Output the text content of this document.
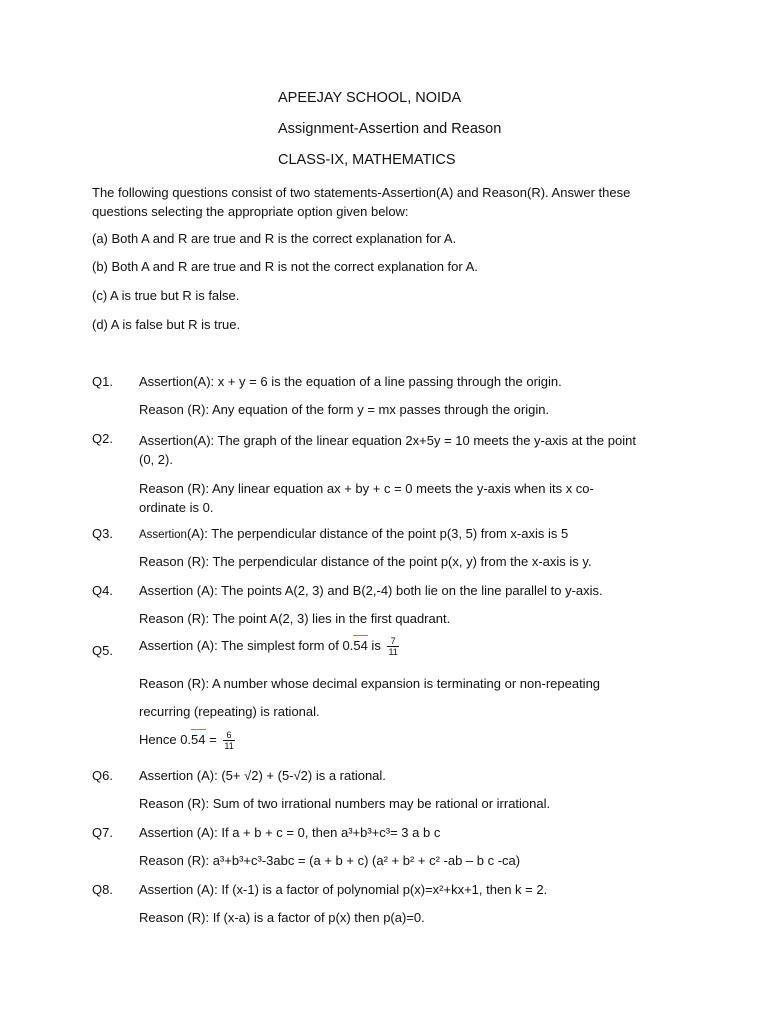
APEEJAY SCHOOL, NOIDA
Assignment-Assertion and Reason
CLASS-IX, MATHEMATICS
The following questions consist of two statements-Assertion(A) and Reason(R). Answer these questions selecting the appropriate option given below:
(a) Both A and R are true and R is the correct explanation for A.
(b) Both A and R are true and R is not the correct explanation for A.
(c) A is true but R is false.
(d) A is false but R is true.
Q1. Assertion(A): x + y = 6 is the equation of a line passing through the origin.
Reason (R): Any equation of the form y = mx passes through the origin.
Q2. Assertion(A): The graph of the linear equation 2x+5y = 10 meets the y-axis at the point (0, 2).
Reason (R): Any linear equation ax + by + c = 0 meets the y-axis when its x co-ordinate is 0.
Q3. Assertion(A): The perpendicular distance of the point p(3, 5) from x-axis is 5
Reason (R): The perpendicular distance of the point p(x, y) from the x-axis is y.
Q4. Assertion (A): The points A(2, 3) and B(2,-4) both lie on the line parallel to y-axis.
Reason (R): The point A(2, 3) lies in the first quadrant.
Q5. Assertion (A): The simplest form of 0.54 is $\frac{7}{11}$
Reason (R): A number whose decimal expansion is terminating or non-repeating
recurring (repeating) is rational.
Hence $0.54 = \frac{6}{11}$
Q6. Assertion (A): (5+ √2) + (5-√2) is a rational.
Reason (R): Sum of two irrational numbers may be rational or irrational.
Q7. Assertion (A): If a + b + c = 0, then a³+b³+c³= 3 a b c
Reason (R): a³+b³+c³-3abc = (a + b + c) (a² + b² + c² -ab – b c -ca)
Q8. Assertion (A): If (x-1) is a factor of polynomial p(x)=x²+kx+1, then k = 2.
Reason (R): If (x-a) is a factor of p(x) then p(a)=0.
